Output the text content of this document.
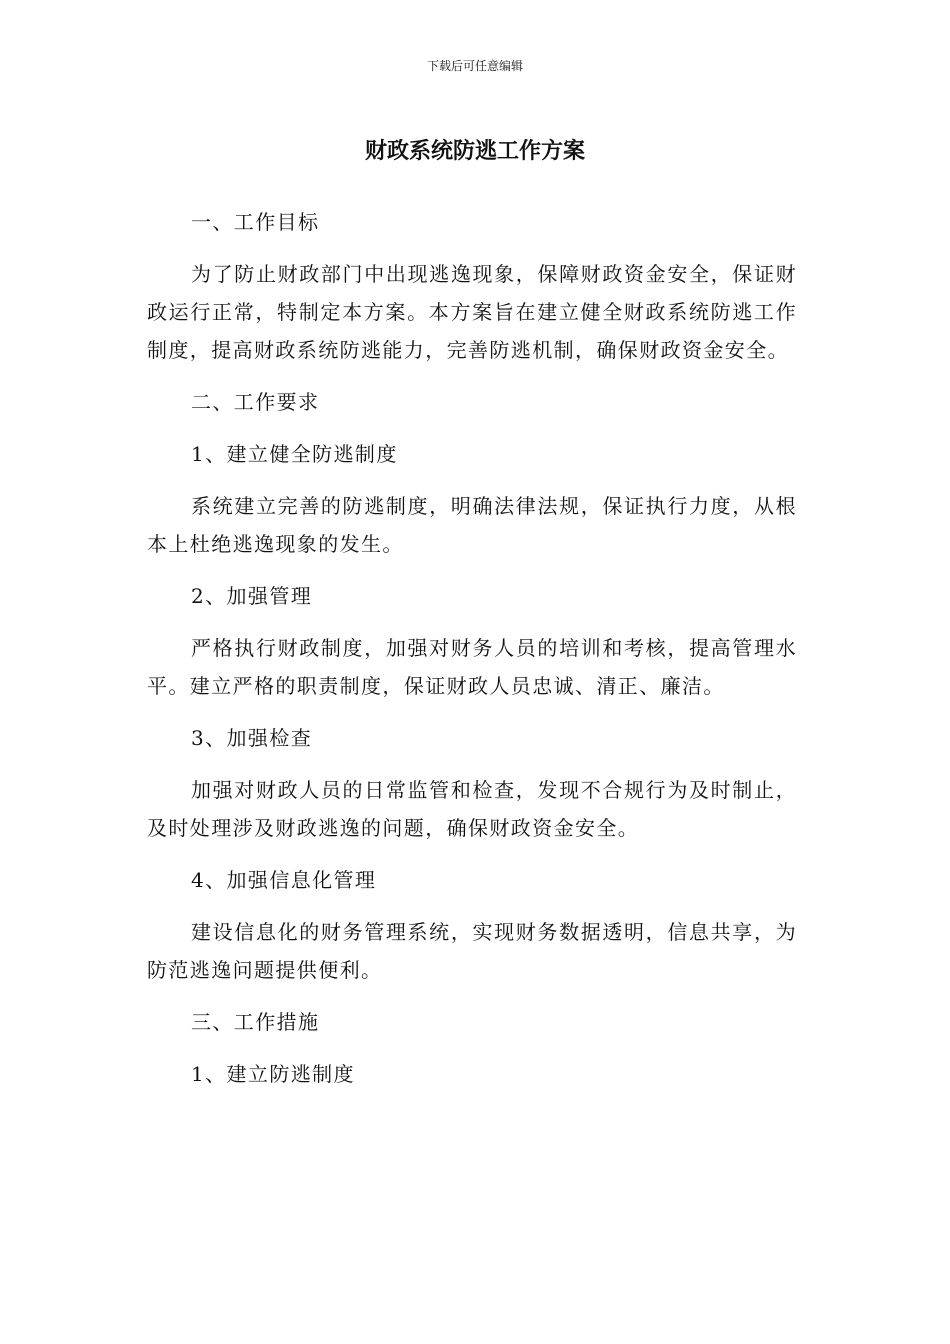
下载后可任意编辑
财政系统防逃工作方案

一、工作目标

为了防止财政部门中出现逃逸现象，保障财政资金安全，保证财政运行正常，特制定本方案。本方案旨在建立健全财政系统防逃工作制度，提高财政系统防逃能力，完善防逃机制，确保财政资金安全。

二、工作要求

1、建立健全防逃制度

系统建立完善的防逃制度，明确法律法规，保证执行力度，从根本上杜绝逃逸现象的发生。

2、加强管理

严格执行财政制度，加强对财务人员的培训和考核，提高管理水平。建立严格的职责制度，保证财政人员忠诚、清正、廉洁。

3、加强检查

加强对财政人员的日常监管和检查，发现不合规行为及时制止，及时处理涉及财政逃逸的问题，确保财政资金安全。

4、加强信息化管理

建设信息化的财务管理系统，实现财务数据透明，信息共享，为防范逃逸问题提供便利。

三、工作措施

1、建立防逃制度
